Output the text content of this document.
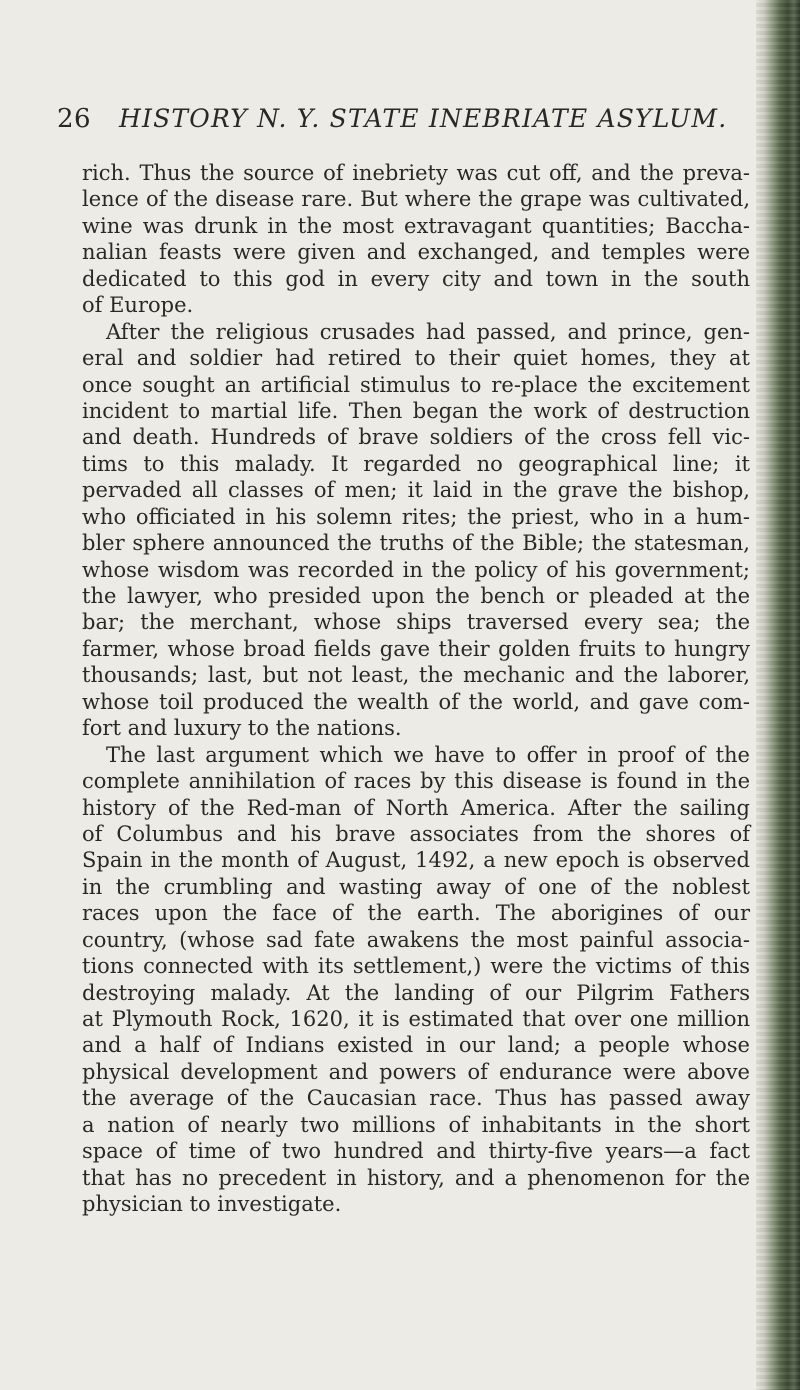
26 HISTORY N. Y. STATE INEBRIATE ASYLUM.
rich. Thus the source of inebriety was cut off, and the preva-
lence of the disease rare. But where the grape was cultivated,
wine was drunk in the most extravagant quantities; Baccha-
nalian feasts were given and exchanged, and temples were
dedicated to this god in every city and town in the south
of Europe.
After the religious crusades had passed, and prince, gen-
eral and soldier had retired to their quiet homes, they at
once sought an artificial stimulus to re-place the excitement
incident to martial life. Then began the work of destruction
and death. Hundreds of brave soldiers of the cross fell vic-
tims to this malady. It regarded no geographical line; it
pervaded all classes of men; it laid in the grave the bishop,
who officiated in his solemn rites; the priest, who in a hum-
bler sphere announced the truths of the Bible; the statesman,
whose wisdom was recorded in the policy of his government;
the lawyer, who presided upon the bench or pleaded at the
bar; the merchant, whose ships traversed every sea; the
farmer, whose broad fields gave their golden fruits to hungry
thousands; last, but not least, the mechanic and the laborer,
whose toil produced the wealth of the world, and gave com-
fort and luxury to the nations.
The last argument which we have to offer in proof of the
complete annihilation of races by this disease is found in the
history of the Red-man of North America. After the sailing
of Columbus and his brave associates from the shores of
Spain in the month of August, 1492, a new epoch is observed
in the crumbling and wasting away of one of the noblest
races upon the face of the earth. The aborigines of our
country, (whose sad fate awakens the most painful associa-
tions connected with its settlement,) were the victims of this
destroying malady. At the landing of our Pilgrim Fathers
at Plymouth Rock, 1620, it is estimated that over one million
and a half of Indians existed in our land; a people whose
physical development and powers of endurance were above
the average of the Caucasian race. Thus has passed away
a nation of nearly two millions of inhabitants in the short
space of time of two hundred and thirty-five years—a fact
that has no precedent in history, and a phenomenon for the
physician to investigate.
